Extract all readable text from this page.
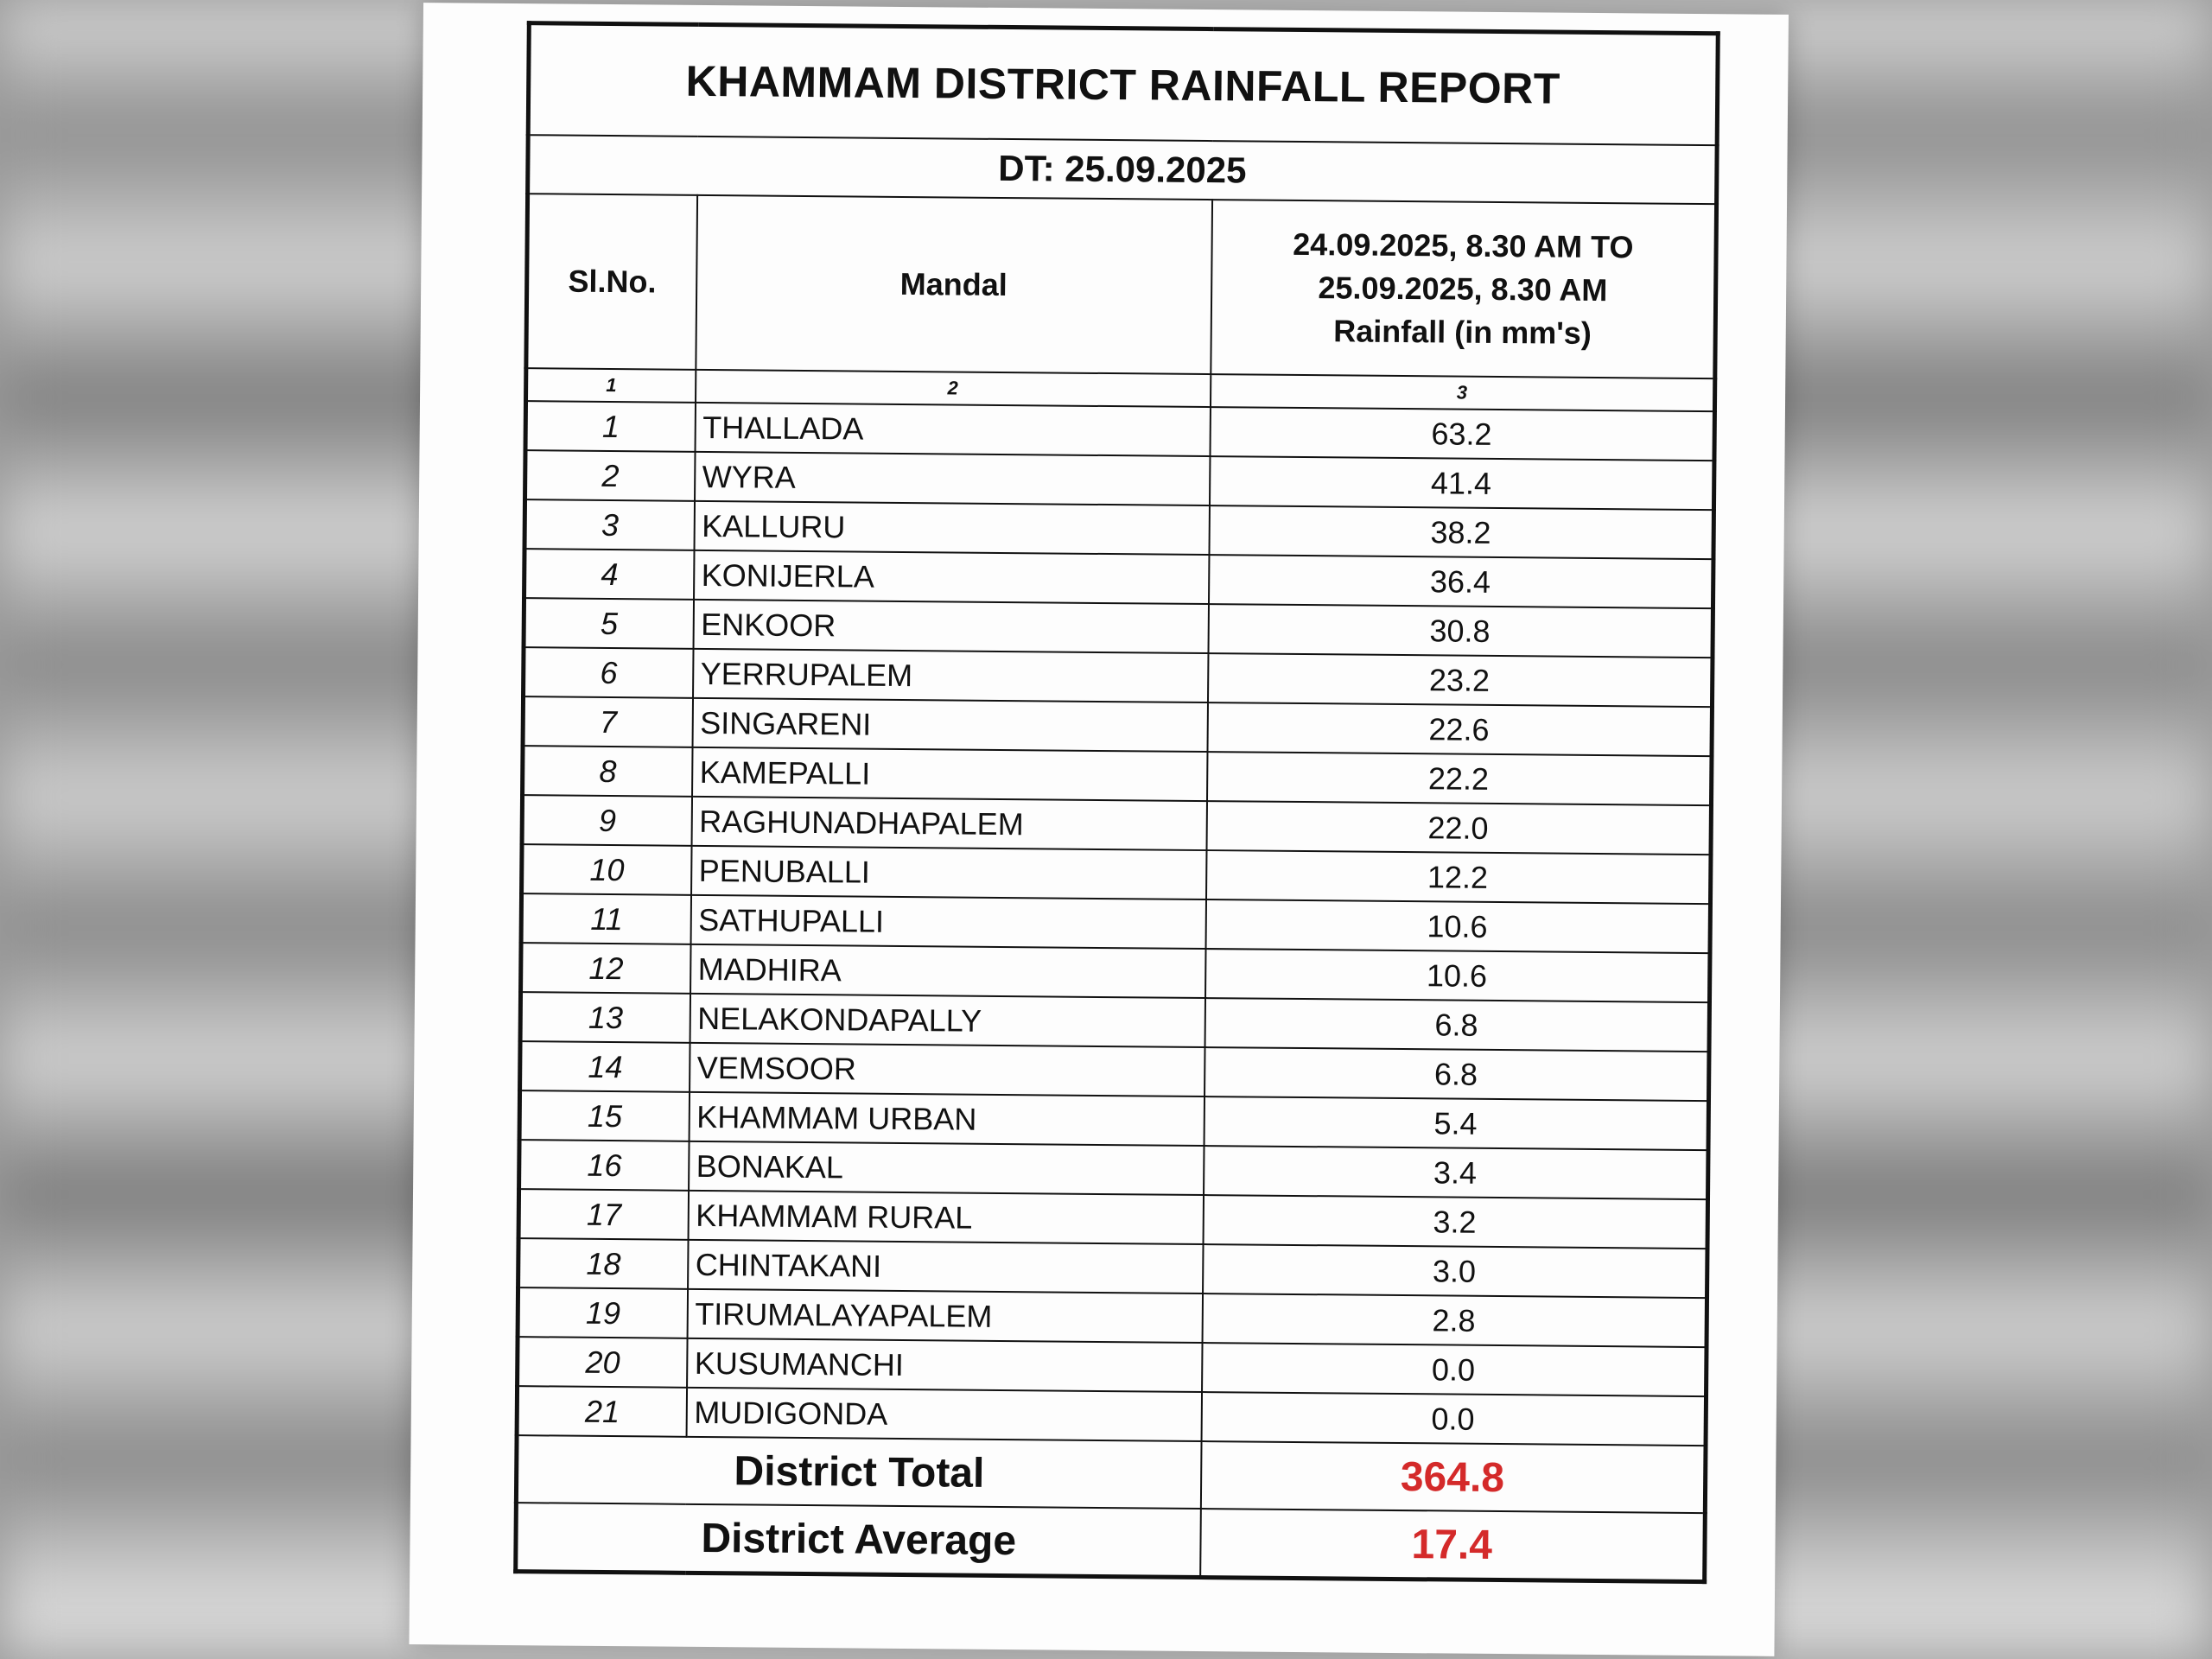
KHAMMAM DISTRICT RAINFALL REPORT		
DT: 25.09.2025		
Sl.No.	Mandal	24.09.2025, 8.30 AM TO
25.09.2025, 8.30 AM
Rainfall (in mm's)

1	2	3
1	THALLADA	63.2
2	WYRA	41.4
3	KALLURU	38.2
4	KONIJERLA	36.4
5	ENKOOR	30.8
6	YERRUPALEM	23.2
7	SINGARENI	22.6
8	KAMEPALLI	22.2
9	RAGHUNADHAPALEM	22.0
10	PENUBALLI	12.2
11	SATHUPALLI	10.6
12	MADHIRA	10.6
13	NELAKONDAPALLY	6.8
14	VEMSOOR	6.8
15	KHAMMAM URBAN	5.4
16	BONAKAL	3.4
17	KHAMMAM RURAL	3.2
18	CHINTAKANI	3.0
19	TIRUMALAYAPALEM	2.8
20	KUSUMANCHI	0.0
21	MUDIGONDA	0.0
District Total		364.8
District Average		17.4
